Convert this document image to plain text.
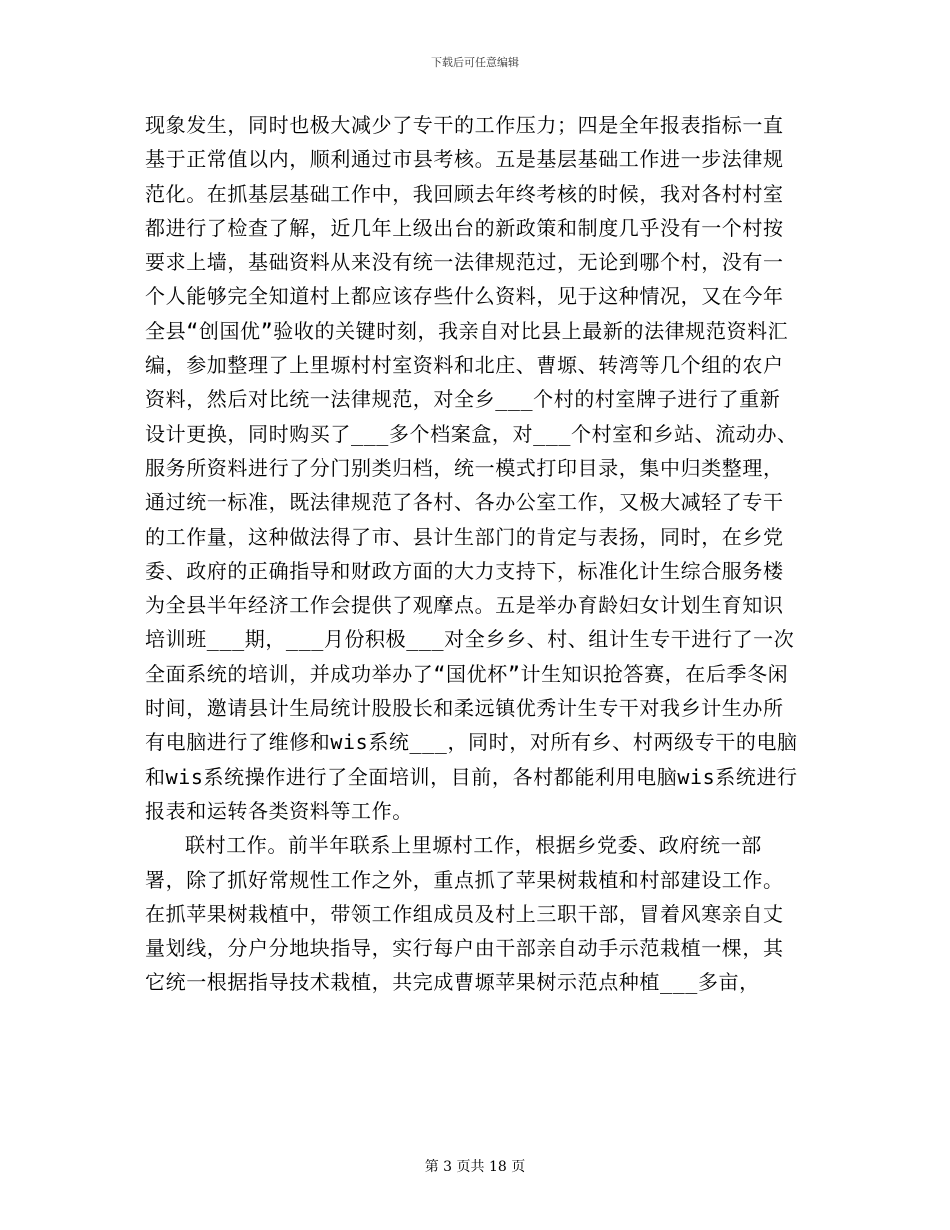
下载后可任意编辑

现象发生，同时也极大减少了专干的工作压力；四是全年报表指标一直基于正常值以内，顺利通过市县考核。五是基层基础工作进一步法律规范化。在抓基层基础工作中，我回顾去年终考核的时候，我对各村村室都进行了检查了解，近几年上级出台的新政策和制度几乎没有一个村按要求上墙，基础资料从来没有统一法律规范过，无论到哪个村，没有一个人能够完全知道村上都应该存些什么资料，见于这种情况，又在今年全县“创国优”验收的关键时刻，我亲自对比县上最新的法律规范资料汇编，参加整理了上里塬村村室资料和北庄、曹塬、转湾等几个组的农户资料，然后对比统一法律规范，对全乡___个村的村室牌子进行了重新设计更换，同时购买了___多个档案盒，对___个村室和乡站、流动办、服务所资料进行了分门别类归档，统一模式打印目录，集中归类整理，通过统一标准，既法律规范了各村、各办公室工作，又极大减轻了专干的工作量，这种做法得了市、县计生部门的肯定与表扬，同时，在乡党委、政府的正确指导和财政方面的大力支持下，标准化计生综合服务楼为全县半年经济工作会提供了观摩点。五是举办育龄妇女计划生育知识培训班___期，___月份积极___对全乡乡、村、组计生专干进行了一次全面系统的培训，并成功举办了“国优杯”计生知识抢答赛，在后季冬闲时间，邀请县计生局统计股股长和柔远镇优秀计生专干对我乡计生办所有电脑进行了维修和wis系统___，同时，对所有乡、村两级专干的电脑和wis系统操作进行了全面培训，目前，各村都能利用电脑wis系统进行报表和运转各类资料等工作。

联村工作。前半年联系上里塬村工作，根据乡党委、政府统一部署，除了抓好常规性工作之外，重点抓了苹果树栽植和村部建设工作。在抓苹果树栽植中，带领工作组成员及村上三职干部，冒着风寒亲自丈量划线，分户分地块指导，实行每户由干部亲自动手示范栽植一棵，其它统一根据指导技术栽植，共完成曹塬苹果树示范点种植___多亩，

第 3 页共 18 页
